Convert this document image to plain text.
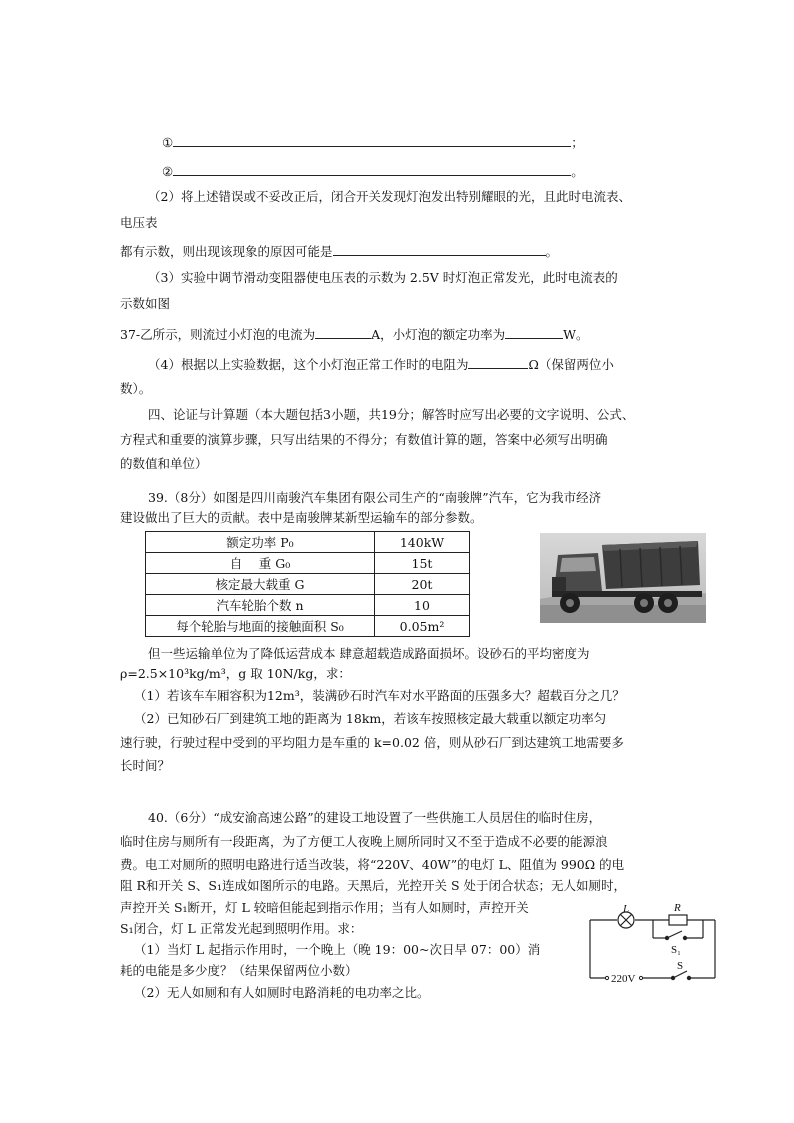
①	；
②	。
（2）将上述错误或不妥改正后，闭合开关发现灯泡发出特别耀眼的光，且此时电流表、
电压表
都有示数，则出现该现象的原因可能是	。
（3）实验中调节滑动变阻器使电压表的示数为 2.5V 时灯泡正常发光，此时电流表的
示数如图
37-乙所示，则流过小灯泡的电流为	A，小灯泡的额定功率为	W。
（4）根据以上实验数据，这个小灯泡正常工作时的电阻为	Ω（保留两位小
数）。
四、论证与计算题（本大题包括3小题，共19分；解答时应写出必要的文字说明、公式、
方程式和重要的演算步骤，只写出结果的不得分；有数值计算的题，答案中必须写出明确
的数值和单位）
39.（8分）如图是四川南骏汽车集团有限公司生产的“南骏牌”汽车，它为我市经济
建设做出了巨大的贡献。表中是南骏牌某新型运输车的部分参数。
额定功率 P₀	140kW
自　 重 G₀	15t
核定最大载重 G	20t
汽车轮胎个数 n	10
每个轮胎与地面的接触面积 S₀	0.05m²
但一些运输单位为了降低运营成本 肆意超载造成路面损坏。设砂石的平均密度为
ρ=2.5×10³kg/m³，g 取 10N/kg，求：
（1）若该车车厢容积为12m³，装满砂石时汽车对水平路面的压强多大？超载百分之几？
（2）已知砂石厂到建筑工地的距离为 18km，若该车按照核定最大载重以额定功率匀
速行驶，行驶过程中受到的平均阻力是车重的 k=0.02 倍，则从砂石厂到达建筑工地需要多
长时间？
40.（6分）“成安渝高速公路”的建设工地设置了一些供施工人员居住的临时住房，
临时住房与厕所有一段距离，为了方便工人夜晚上厕所同时又不至于造成不必要的能源浪
费。电工对厕所的照明电路进行适当改装，将“220V、40W”的电灯 L、阻值为 990Ω 的电
阻 R和开关 S、S₁连成如图所示的电路。天黑后，光控开关 S 处于闭合状态；无人如厕时，
声控开关 S₁断开，灯 L 较暗但能起到指示作用；当有人如厕时，声控开关
S₁闭合，灯 L 正常发光起到照明作用。求：
（1）当灯 L 起指示作用时，一个晚上（晚 19：00~次日早 07：00）消
耗的电能是多少度？（结果保留两位小数）
（2）无人如厕和有人如厕时电路消耗的电功率之比。
L	R
S₁
S
220V
